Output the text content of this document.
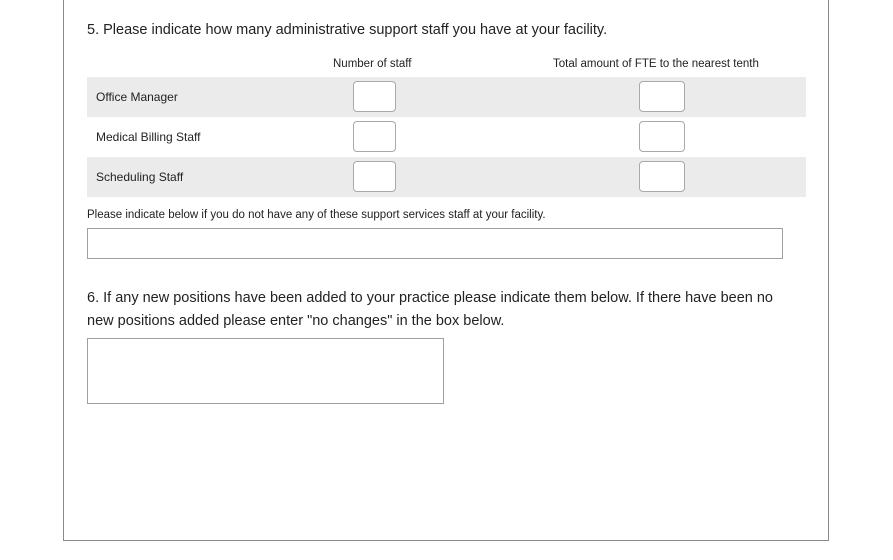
5. Please indicate how many administrative support staff you have at your facility.
Number of staff	Total amount of FTE to the nearest tenth
Office Manager
Medical Billing Staff
Scheduling Staff
Please indicate below if you do not have any of these support services staff at your facility.
6. If any new positions have been added to your practice please indicate them below. If there have been no new positions added please enter "no changes" in the box below.
